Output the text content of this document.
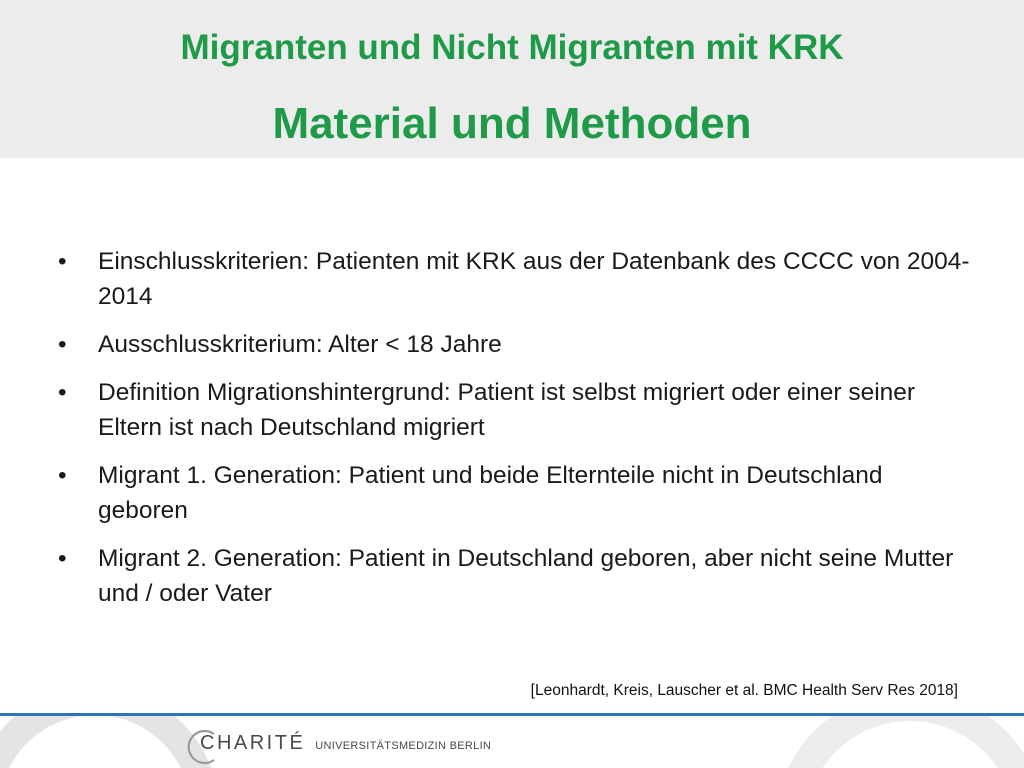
Migranten und Nicht Migranten mit KRK
Material und Methoden
•	Einschlusskriterien: Patienten mit KRK aus der Datenbank des CCCC von 2004-2014
•	Ausschlusskriterium: Alter < 18 Jahre
•	Definition Migrationshintergrund: Patient ist selbst migriert oder einer seiner Eltern ist nach Deutschland migriert
•	Migrant 1. Generation: Patient und beide Elternteile nicht in Deutschland geboren
•	Migrant 2. Generation: Patient in Deutschland geboren, aber nicht seine Mutter und / oder Vater
[Leonhardt, Kreis, Lauscher et al. BMC Health Serv Res 2018]
CHARITÉ UNIVERSITÄTSMEDIZIN BERLIN
